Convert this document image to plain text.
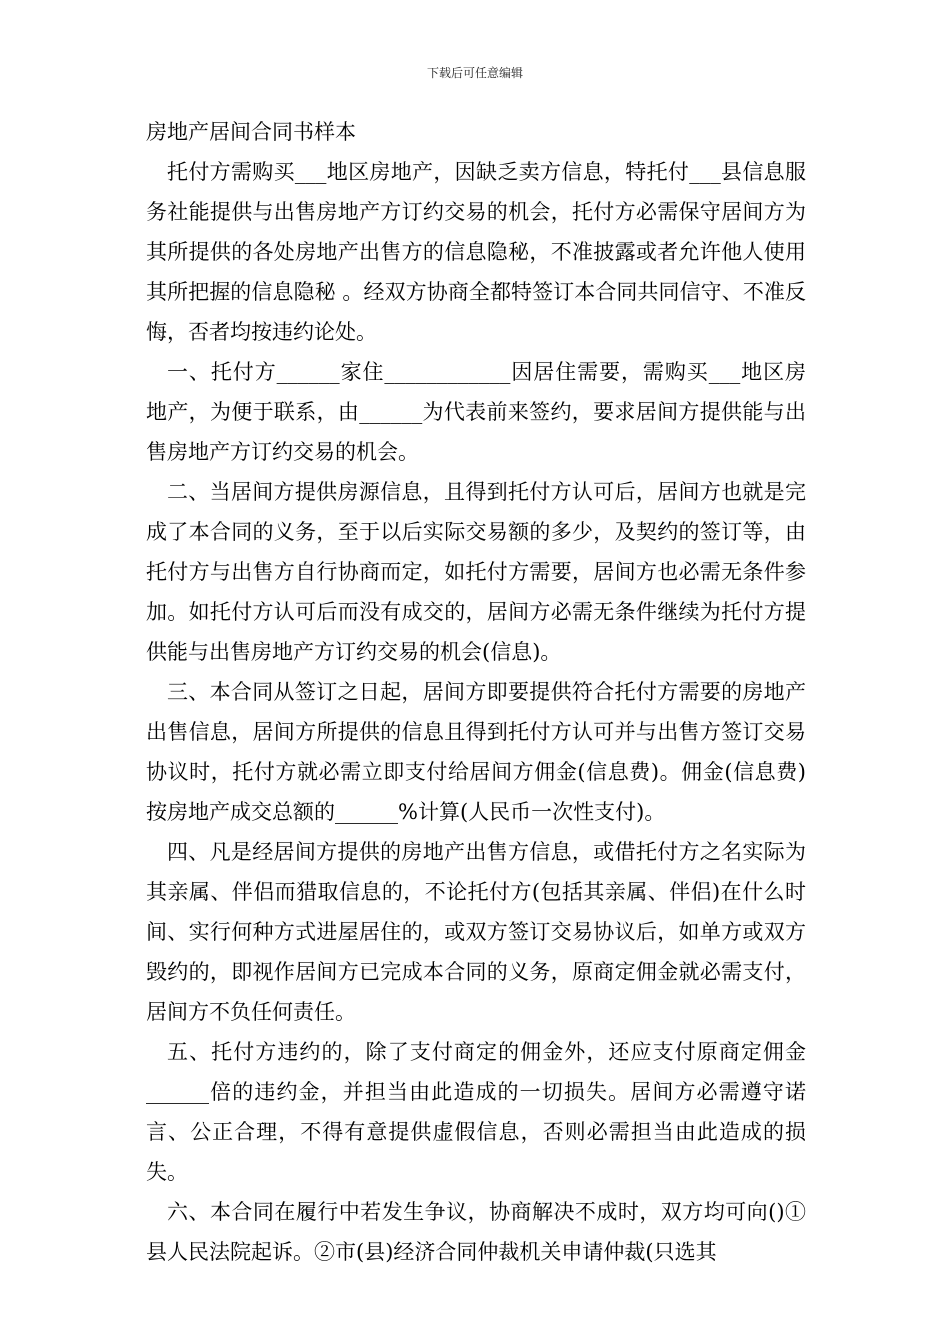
下载后可任意编辑

房地产居间合同书样本

托付方需购买___地区房地产，因缺乏卖方信息，特托付___县信息服务社能提供与出售房地产方订约交易的机会，托付方必需保守居间方为其所提供的各处房地产出售方的信息隐秘，不准披露或者允许他人使用其所把握的信息隐秘 。经双方协商全都特签订本合同共同信守、不准反悔，否者均按违约论处。

一、托付方______家住____________因居住需要，需购买___地区房地产，为便于联系，由______为代表前来签约，要求居间方提供能与出售房地产方订约交易的机会。

二、当居间方提供房源信息，且得到托付方认可后，居间方也就是完成了本合同的义务，至于以后实际交易额的多少，及契约的签订等，由托付方与出售方自行协商而定，如托付方需要，居间方也必需无条件参加。如托付方认可后而没有成交的，居间方必需无条件继续为托付方提供能与出售房地产方订约交易的机会(信息)。

三、本合同从签订之日起，居间方即要提供符合托付方需要的房地产出售信息，居间方所提供的信息且得到托付方认可并与出售方签订交易协议时，托付方就必需立即支付给居间方佣金(信息费)。佣金(信息费)按房地产成交总额的______%计算(人民币一次性支付)。

四、凡是经居间方提供的房地产出售方信息，或借托付方之名实际为其亲属、伴侣而猎取信息的，不论托付方(包括其亲属、伴侣)在什么时间、实行何种方式进屋居住的，或双方签订交易协议后，如单方或双方毁约的，即视作居间方已完成本合同的义务，原商定佣金就必需支付，居间方不负任何责任。

五、托付方违约的，除了支付商定的佣金外，还应支付原商定佣金______倍的违约金，并担当由此造成的一切损失。居间方必需遵守诺言、公正合理，不得有意提供虚假信息，否则必需担当由此造成的损失。

六、本合同在履行中若发生争议，协商解决不成时，双方均可向()① 县人民法院起诉。②市(县)经济合同仲裁机关申请仲裁(只选其
